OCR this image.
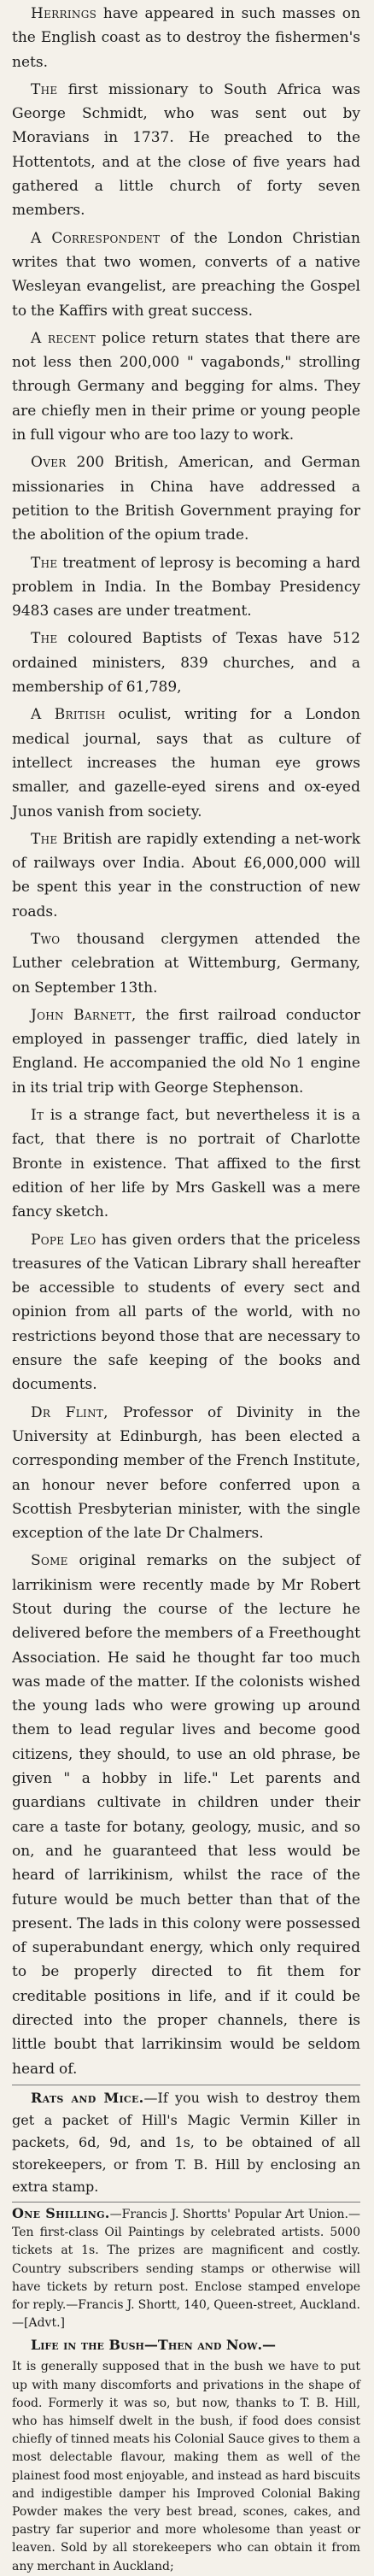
Herrings have appeared in such masses on the English coast as to destroy the fishermen's nets.

The first missionary to South Africa was George Schmidt, who was sent out by Moravians in 1737. He preached to the Hottentots, and at the close of five years had gathered a little church of forty seven members.

A Correspondent of the London Christian writes that two women, converts of a native Wesleyan evangelist, are preaching the Gospel to the Kaffirs with great success.

A recent police return states that there are not less then 200,000 " vagabonds," strolling through Germany and begging for alms. They are chiefly men in their prime or young people in full vigour who are too lazy to work.

Over 200 British, American, and German missionaries in China have addressed a petition to the British Government praying for the abolition of the opium trade.

The treatment of leprosy is becoming a hard problem in India. In the Bombay Presidency 9483 cases are under treatment.

The coloured Baptists of Texas have 512 ordained ministers, 839 churches, and a membership of 61,789,

A British oculist, writing for a London medical journal, says that as culture of intellect increases the human eye grows smaller, and gazelle-eyed sirens and ox-eyed Junos vanish from society.

The British are rapidly extending a net-work of railways over India. About £6,000,000 will be spent this year in the construction of new roads.

Two thousand clergymen attended the Luther celebration at Wittemburg, Germany, on September 13th.

John Barnett, the first railroad conductor employed in passenger traffic, died lately in England. He accompanied the old No 1 engine in its trial trip with George Stephenson.

It is a strange fact, but nevertheless it is a fact, that there is no portrait of Charlotte Bronte in existence. That affixed to the first edition of her life by Mrs Gaskell was a mere fancy sketch.

Pope Leo has given orders that the priceless treasures of the Vatican Library shall hereafter be accessible to students of every sect and opinion from all parts of the world, with no restrictions beyond those that are necessary to ensure the safe keeping of the books and documents.

Dr Flint, Professor of Divinity in the University at Edinburgh, has been elected a corresponding member of the French Institute, an honour never before conferred upon a Scottish Presbyterian minister, with the single exception of the late Dr Chalmers.

Some original remarks on the subject of larrikinism were recently made by Mr Robert Stout during the course of the lecture he delivered before the members of a Freethought Association. He said he thought far too much was made of the matter. If the colonists wished the young lads who were growing up around them to lead regular lives and become good citizens, they should, to use an old phrase, be given " a hobby in life." Let parents and guardians cultivate in children under their care a taste for botany, geology, music, and so on, and he guaranteed that less would be heard of larrikinism, whilst the race of the future would be much better than that of the present. The lads in this colony were possessed of superabundant energy, which only required to be properly directed to fit them for creditable positions in life, and if it could be directed into the proper channels, there is little boubt that larrikinsim would be seldom heard of.

Rats and Mice.—If you wish to destroy them get a packet of Hill's Magic Vermin Killer in packets, 6d, 9d, and 1s, to be obtained of all storekeepers, or from T. B. Hill by enclosing an extra stamp.

One Shilling.—Francis J. Shortts' Popular Art Union.—Ten first-class Oil Paintings by celebrated artists. 5000 tickets at 1s. The prizes are magnificent and costly. Country subscribers sending stamps or otherwise will have tickets by return post. Enclose stamped envelope for reply.—Francis J. Shortt, 140, Queen-street, Auckland.—[Advt.]

Life in the Bush—Then and Now.—

It is generally supposed that in the bush we have to put up with many discomforts and privations in the shape of food. Formerly it was so, but now, thanks to T. B. Hill, who has himself dwelt in the bush, if food does consist chiefly of tinned meats his Colonial Sauce gives to them a most delectable flavour, making them as well of the plainest food most enjoyable, and instead as hard biscuits and indigestible damper his Improved Colonial Baking Powder makes the very best bread, scones, cakes, and pastry far superior and more wholesome than yeast or leaven. Sold by all storekeepers who can obtain it from any merchant in Auckland;
